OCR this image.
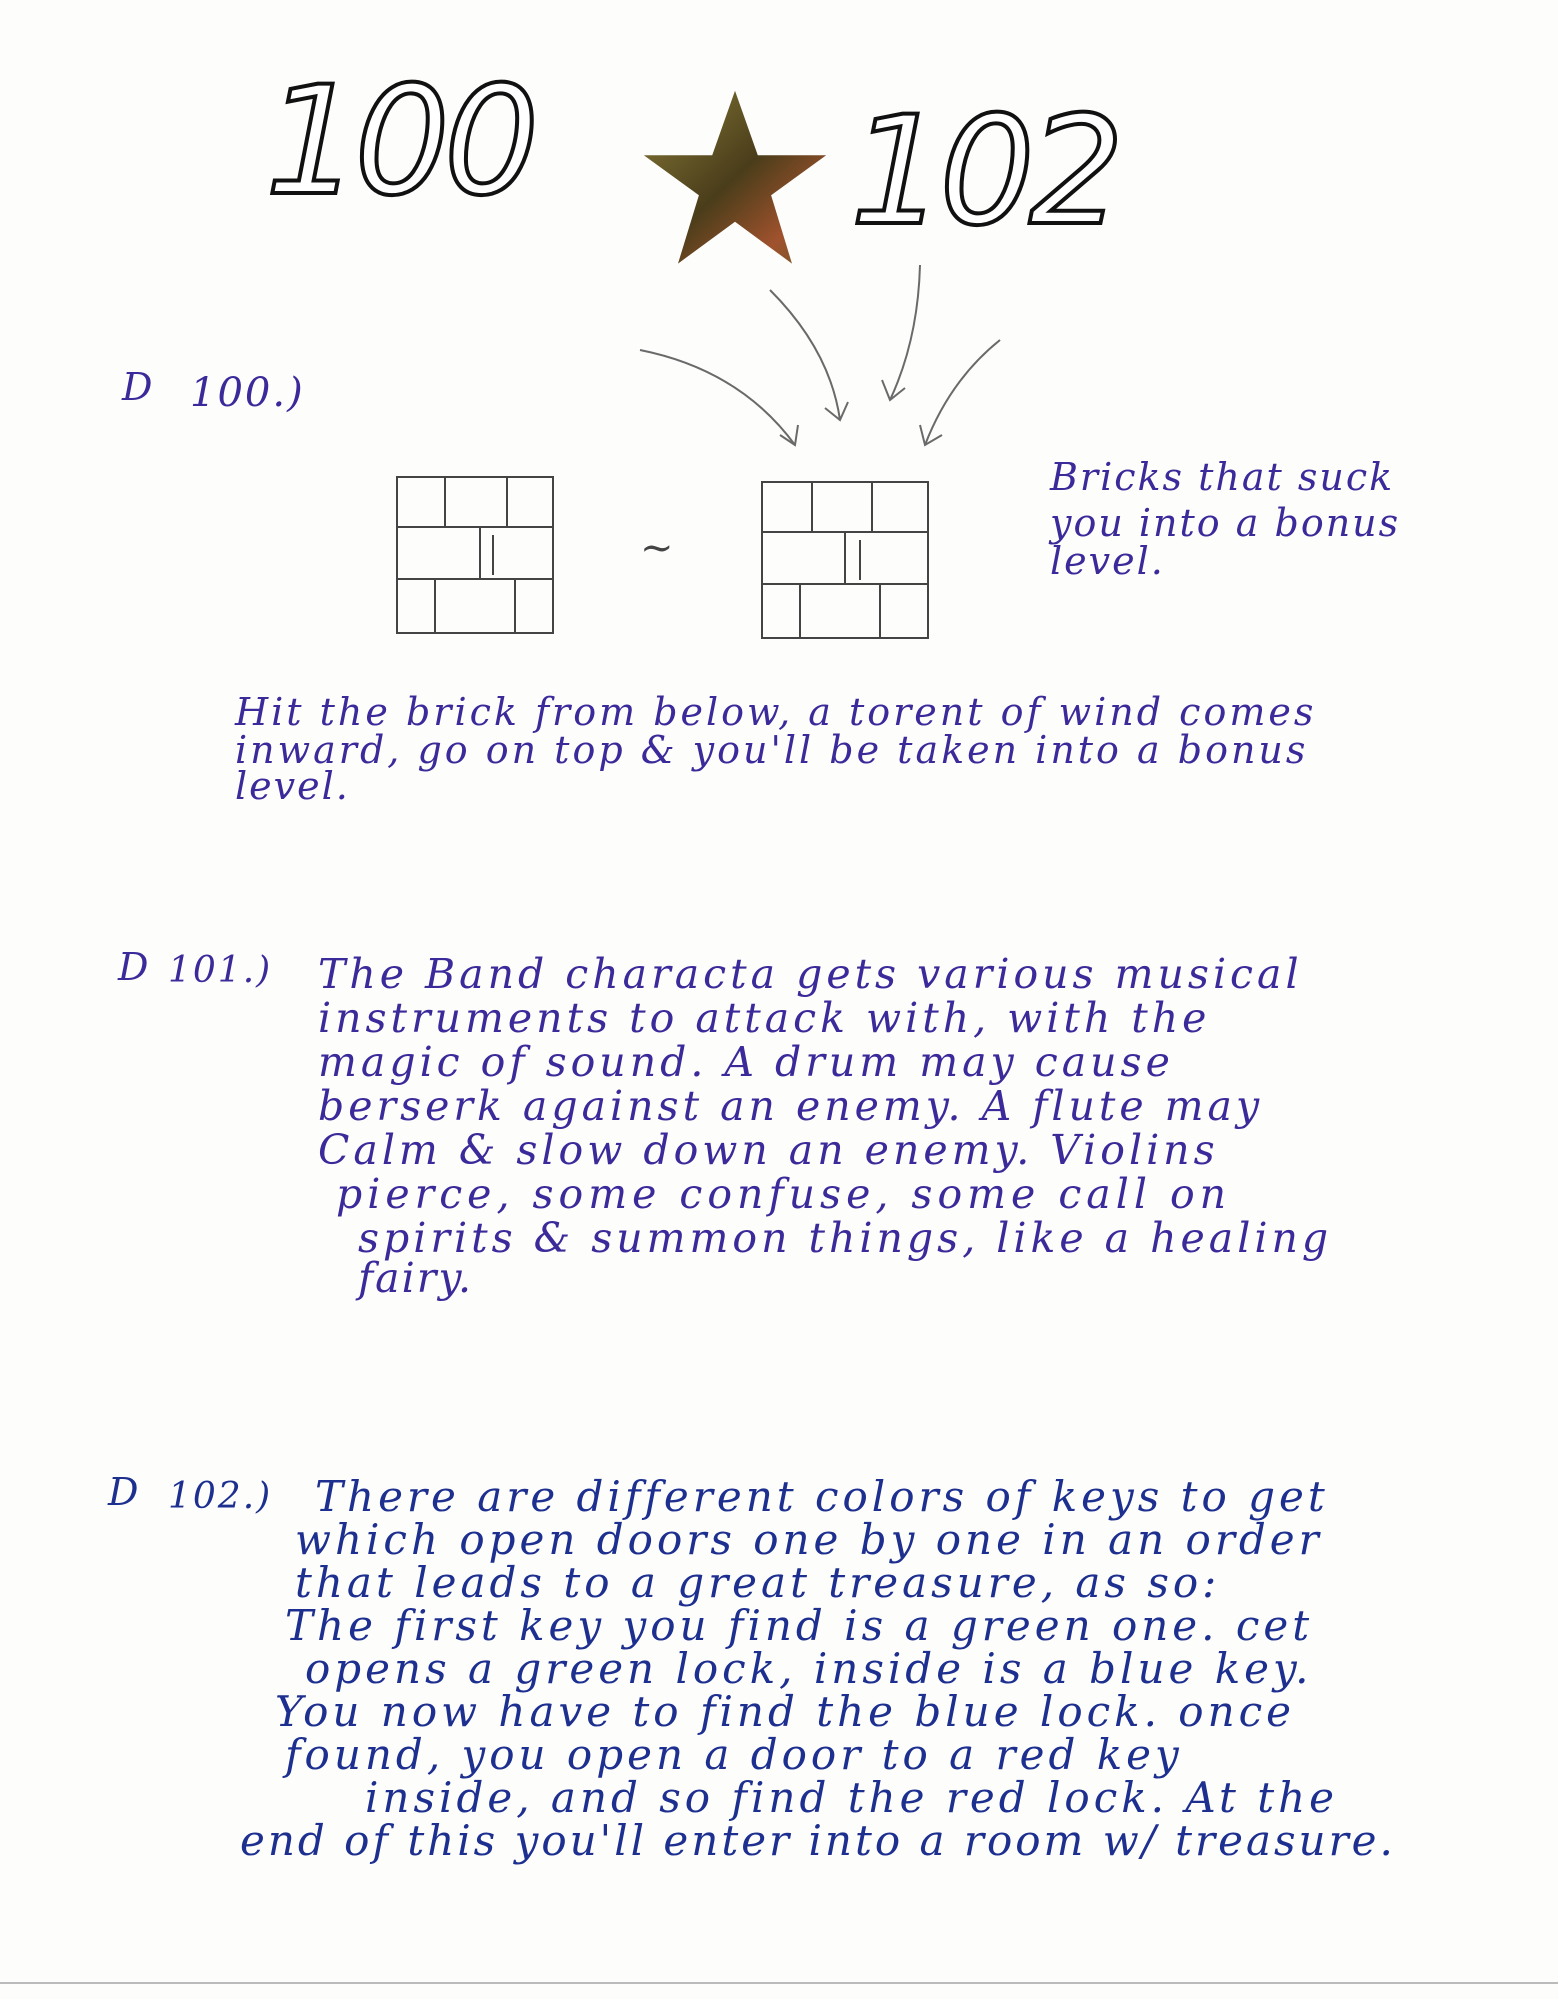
100 102
D 100.)
~
Bricks that suck
you into a bonus
level.
Hit the brick from below, a torent of wind comes
inward, go on top & you'll be taken into a bonus
level.
D 101.) The Band characta gets various musical
instruments to attack with, with the
magic of sound. A drum may cause
berserk against an enemy. A flute may
Calm & slow down an enemy. Violins
pierce, some confuse, some call on
spirits & summon things, like a healing
fairy.
D 102.) There are different colors of keys to get
which open doors one by one in an order
that leads to a great treasure, as so:
The first key you find is a green one. cet
opens a green lock, inside is a blue key.
You now have to find the blue lock. once
found, you open a door to a red key
inside, and so find the red lock. At the
end of this you'll enter into a room w/ treasure.
